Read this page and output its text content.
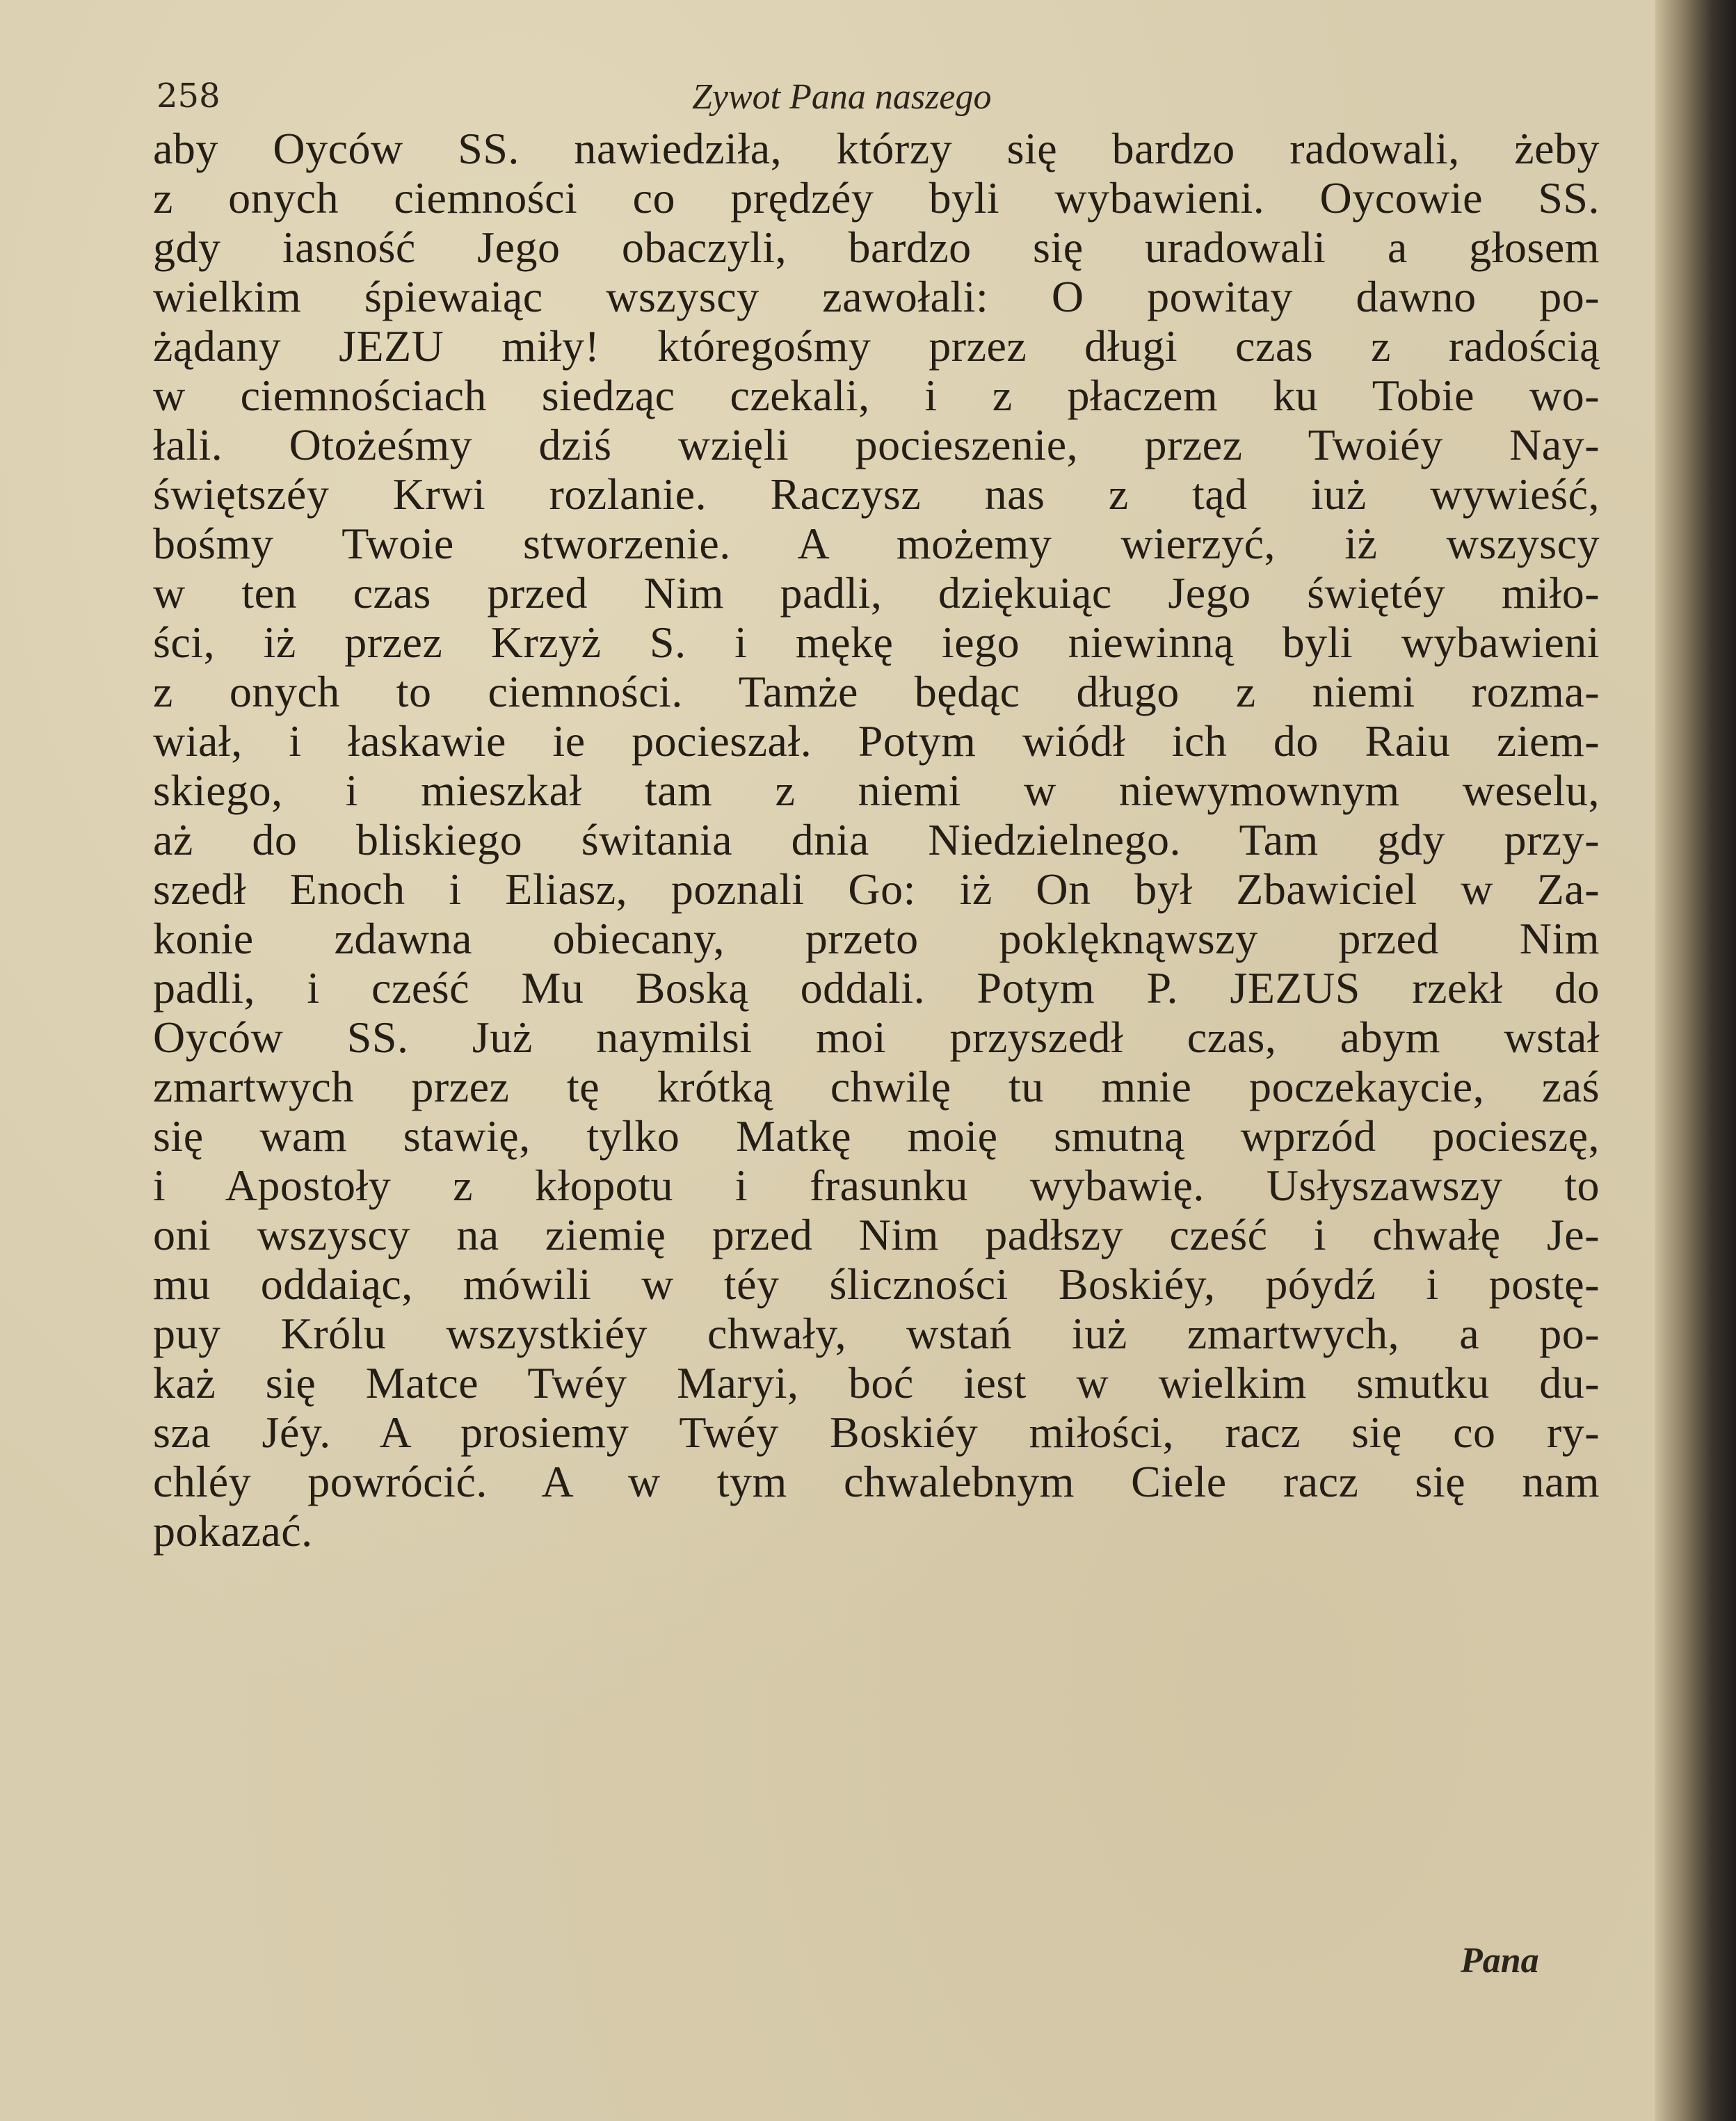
258	Zywot Pana naszego
aby Oyców SS. nawiedziła, którzy się bardzo radowali, żeby
z onych ciemności co prędzéy byli wybawieni. Oycowie SS.
gdy iasność Jego obaczyli, bardzo się uradowali a głosem
wielkim śpiewaiąc wszyscy zawołali: O powitay dawno po-
żądany JEZU miły! któregośmy przez długi czas z radością
w ciemnościach siedząc czekali, i z płaczem ku Tobie wo-
łali. Otożeśmy dziś wzięli pocieszenie, przez Twoiéy Nay-
świętszéy Krwi rozlanie. Raczysz nas z tąd iuż wywieść,
bośmy Twoie stworzenie. A możemy wierzyć, iż wszyscy
w ten czas przed Nim padli, dziękuiąc Jego świętéy miło-
ści, iż przez Krzyż S. i mękę iego niewinną byli wybawieni
z onych to ciemności. Tamże będąc długo z niemi rozma-
wiał, i łaskawie ie pocieszał. Potym wiódł ich do Raiu ziem-
skiego, i mieszkał tam z niemi w niewymownym weselu,
aż do bliskiego świtania dnia Niedzielnego. Tam gdy przy-
szedł Enoch i Eliasz, poznali Go: iż On był Zbawiciel w Za-
konie zdawna obiecany, przeto poklęknąwszy przed Nim
padli, i cześć Mu Boską oddali. Potym P. JEZUS rzekł do
Oyców SS. Już naymilsi moi przyszedł czas, abym wstał
zmartwych przez tę krótką chwilę tu mnie poczekaycie, zaś
się wam stawię, tylko Matkę moię smutną wprzód pocieszę,
i Apostoły z kłopotu i frasunku wybawię. Usłyszawszy to
oni wszyscy na ziemię przed Nim padłszy cześć i chwałę Je-
mu oddaiąc, mówili w téy śliczności Boskiéy, póydź i postę-
puy Królu wszystkiéy chwały, wstań iuż zmartwych, a po-
każ się Matce Twéy Maryi, boć iest w wielkim smutku du-
sza Jéy. A prosiemy Twéy Boskiéy miłości, racz się co ry-
chléy powrócić. A w tym chwalebnym Ciele racz się nam
pokazać.
Pana
